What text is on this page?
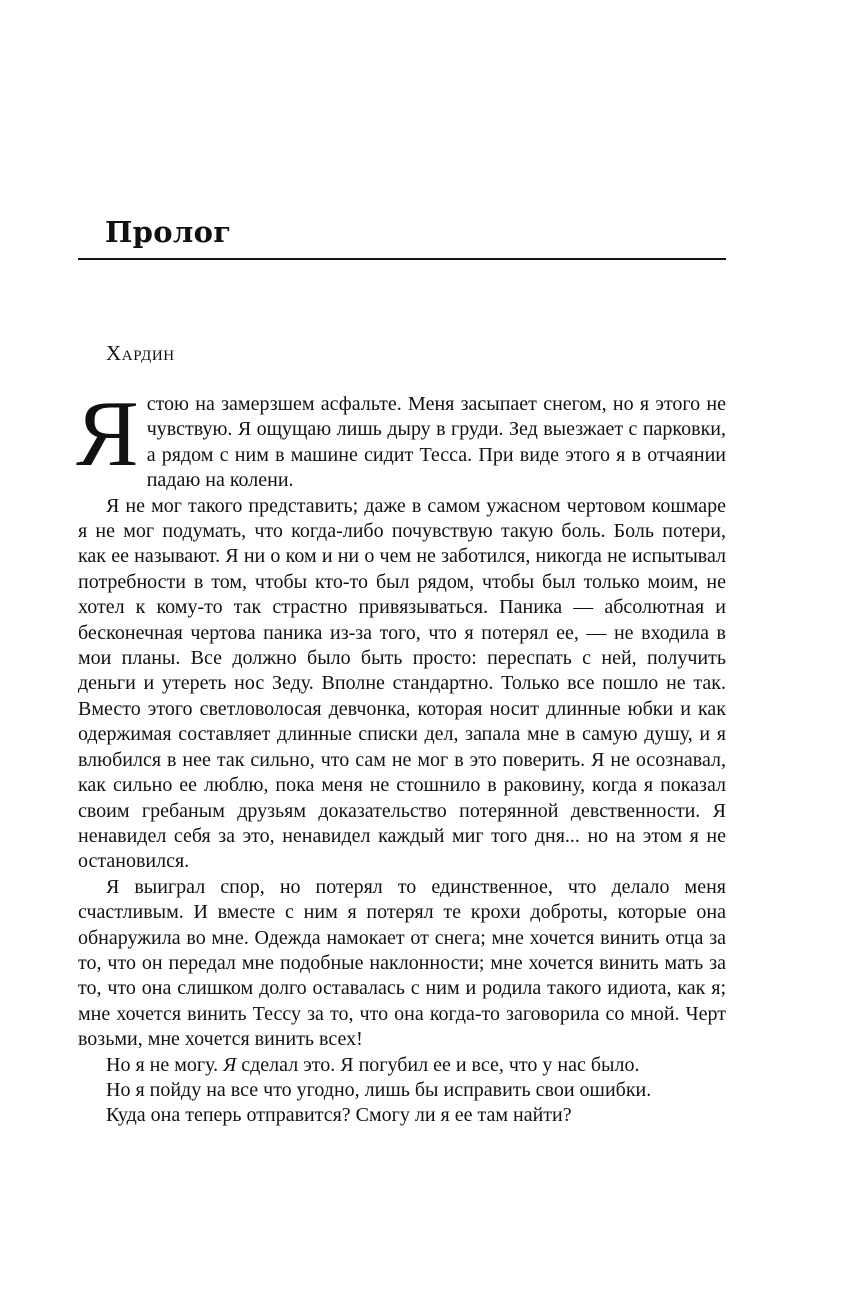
Пролог

Хардин

Я стою на замерзшем асфальте. Меня засыпает снегом, но я этого не чувствую. Я ощущаю лишь дыру в груди. Зед выезжает с парковки, а рядом с ним в машине сидит Тесса. При виде этого я в отчаянии падаю на колени.

Я не мог такого представить; даже в самом ужасном чертовом кошмаре я не мог подумать, что когда-либо почувствую такую боль. Боль потери, как ее называют. Я ни о ком и ни о чем не заботился, никогда не испытывал потребности в том, чтобы кто-то был рядом, чтобы был только моим, не хотел к кому-то так страстно привязываться. Паника — абсолютная и бесконечная чертова паника из-за того, что я потерял ее, — не входила в мои планы. Все должно было быть просто: переспать с ней, получить деньги и утереть нос Зеду. Вполне стандартно. Только все пошло не так. Вместо этого светловолосая девчонка, которая носит длинные юбки и как одержимая составляет длинные списки дел, запала мне в самую душу, и я влюбился в нее так сильно, что сам не мог в это поверить. Я не осознавал, как сильно ее люблю, пока меня не стошнило в раковину, когда я показал своим гребаным друзьям доказательство потерянной девственности. Я ненавидел себя за это, ненавидел каждый миг того дня... но на этом я не остановился.

Я выиграл спор, но потерял то единственное, что делало меня счастливым. И вместе с ним я потерял те крохи доброты, которые она обнаружила во мне. Одежда намокает от снега; мне хочется винить отца за то, что он передал мне подобные наклонности; мне хочется винить мать за то, что она слишком долго оставалась с ним и родила такого идиота, как я; мне хочется винить Тессу за то, что она когда-то заговорила со мной. Черт возьми, мне хочется винить всех!

Но я не могу. Я сделал это. Я погубил ее и все, что у нас было.

Но я пойду на все что угодно, лишь бы исправить свои ошибки.

Куда она теперь отправится? Смогу ли я ее там найти?
